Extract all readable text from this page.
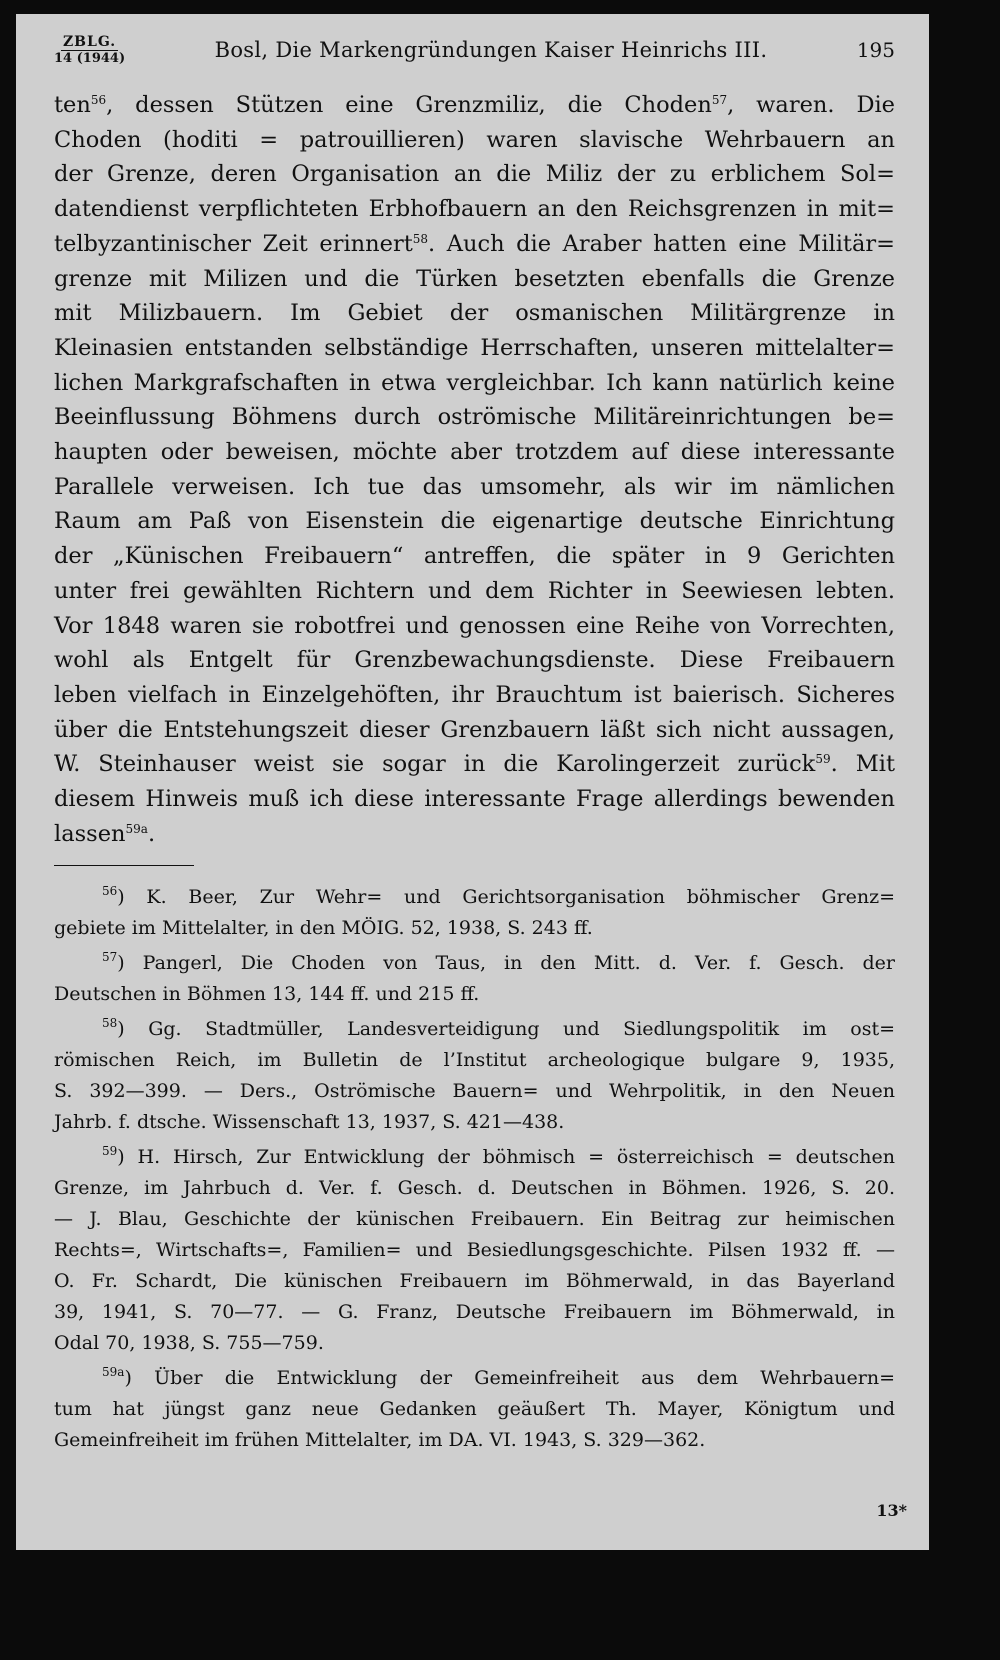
ZBLG.
14 (1944)	Bosl, Die Markengründungen Kaiser Heinrichs III.	195
ten$^{56}$, dessen Stützen eine Grenzmiliz, die Choden$^{57}$, waren. Die
Choden (hoditi = patrouillieren) waren slavische Wehrbauern an
der Grenze, deren Organisation an die Miliz der zu erblichem Sol=
datendienst verpflichteten Erbhofbauern an den Reichsgrenzen in mit=
telbyzantinischer Zeit erinnert$^{58}$. Auch die Araber hatten eine Militär=
grenze mit Milizen und die Türken besetzten ebenfalls die Grenze
mit Milizbauern. Im Gebiet der osmanischen Militärgrenze in
Kleinasien entstanden selbständige Herrschaften, unseren mittelalter=
lichen Markgrafschaften in etwa vergleichbar. Ich kann natürlich keine
Beeinflussung Böhmens durch oströmische Militäreinrichtungen be=
haupten oder beweisen, möchte aber trotzdem auf diese interessante
Parallele verweisen. Ich tue das umsomehr, als wir im nämlichen
Raum am Paß von Eisenstein die eigenartige deutsche Einrichtung
der „Künischen Freibauern“ antreffen, die später in 9 Gerichten
unter frei gewählten Richtern und dem Richter in Seewiesen lebten.
Vor 1848 waren sie robotfrei und genossen eine Reihe von Vorrechten,
wohl als Entgelt für Grenzbewachungsdienste. Diese Freibauern
leben vielfach in Einzelgehöften, ihr Brauchtum ist baierisch. Sicheres
über die Entstehungszeit dieser Grenzbauern läßt sich nicht aussagen,
W. Steinhauser weist sie sogar in die Karolingerzeit zurück$^{59}$. Mit
diesem Hinweis muß ich diese interessante Frage allerdings bewenden
lassen$^{59a}$.
$^{56}$) K. Beer, Zur Wehr= und Gerichtsorganisation böhmischer Grenz=
gebiete im Mittelalter, in den MÖIG. 52, 1938, S. 243 ff.
$^{57}$) Pangerl, Die Choden von Taus, in den Mitt. d. Ver. f. Gesch. der
Deutschen in Böhmen 13, 144 ff. und 215 ff.
$^{58}$) Gg. Stadtmüller, Landesverteidigung und Siedlungspolitik im ost=
römischen Reich, im Bulletin de l’Institut archeologique bulgare 9, 1935,
S. 392—399. — Ders., Oströmische Bauern= und Wehrpolitik, in den Neuen
Jahrb. f. dtsche. Wissenschaft 13, 1937, S. 421—438.
$^{59}$) H. Hirsch, Zur Entwicklung der böhmisch = österreichisch = deutschen
Grenze, im Jahrbuch d. Ver. f. Gesch. d. Deutschen in Böhmen. 1926, S. 20.
— J. Blau, Geschichte der künischen Freibauern. Ein Beitrag zur heimischen
Rechts=, Wirtschafts=, Familien= und Besiedlungsgeschichte. Pilsen 1932 ff. —
O. Fr. Schardt, Die künischen Freibauern im Böhmerwald, in das Bayerland
39, 1941, S. 70—77. — G. Franz, Deutsche Freibauern im Böhmerwald, in
Odal 70, 1938, S. 755—759.
$^{59a}$) Über die Entwicklung der Gemeinfreiheit aus dem Wehrbauern=
tum hat jüngst ganz neue Gedanken geäußert Th. Mayer, Königtum und
Gemeinfreiheit im frühen Mittelalter, im DA. VI. 1943, S. 329—362.
13*
